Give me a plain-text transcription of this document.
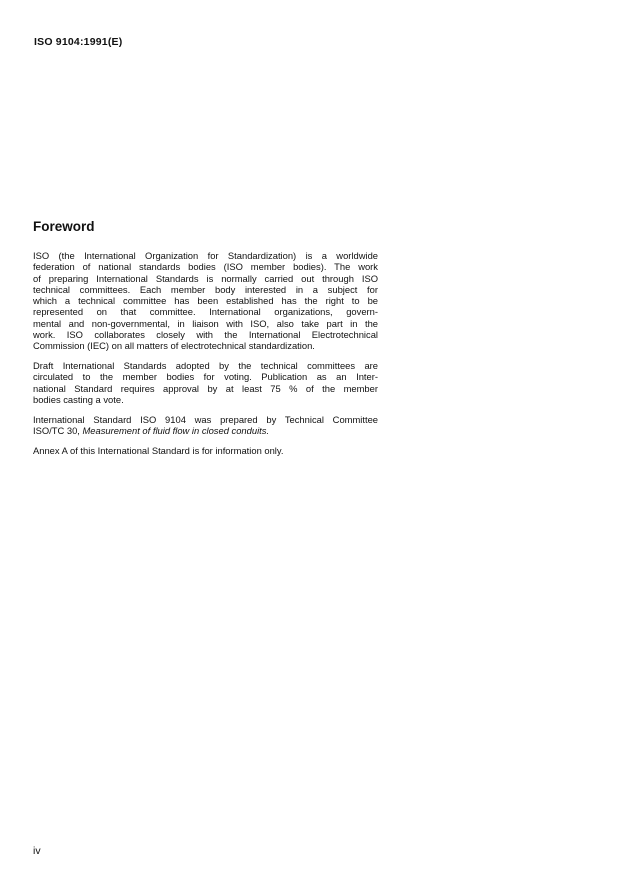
ISO 9104:1991(E)
Foreword
ISO (the International Organization for Standardization) is a worldwide
federation of national standards bodies (ISO member bodies). The work
of preparing International Standards is normally carried out through ISO
technical committees. Each member body interested in a subject for
which a technical committee has been established has the right to be
represented on that committee. International organizations, govern-
mental and non-governmental, in liaison with ISO, also take part in the
work. ISO collaborates closely with the International Electrotechnical
Commission (IEC) on all matters of electrotechnical standardization.
Draft International Standards adopted by the technical committees are
circulated to the member bodies for voting. Publication as an Inter-
national Standard requires approval by at least 75 % of the member
bodies casting a vote.
International Standard ISO 9104 was prepared by Technical Committee
ISO/TC 30, Measurement of fluid flow in closed conduits.
Annex A of this International Standard is for information only.
iv
